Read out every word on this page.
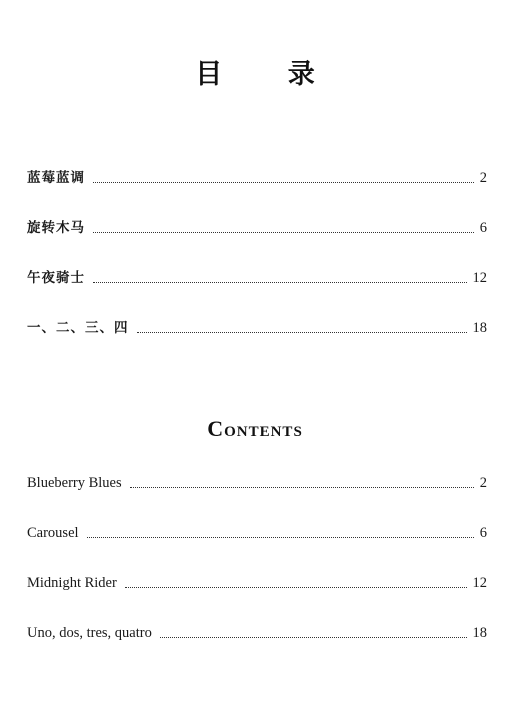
目 录
蓝莓蓝调	2
旋转木马	6
午夜骑士	12
一、二、三、四	18
Contents
Blueberry Blues	2
Carousel	6
Midnight Rider	12
Uno, dos, tres, quatro	18
